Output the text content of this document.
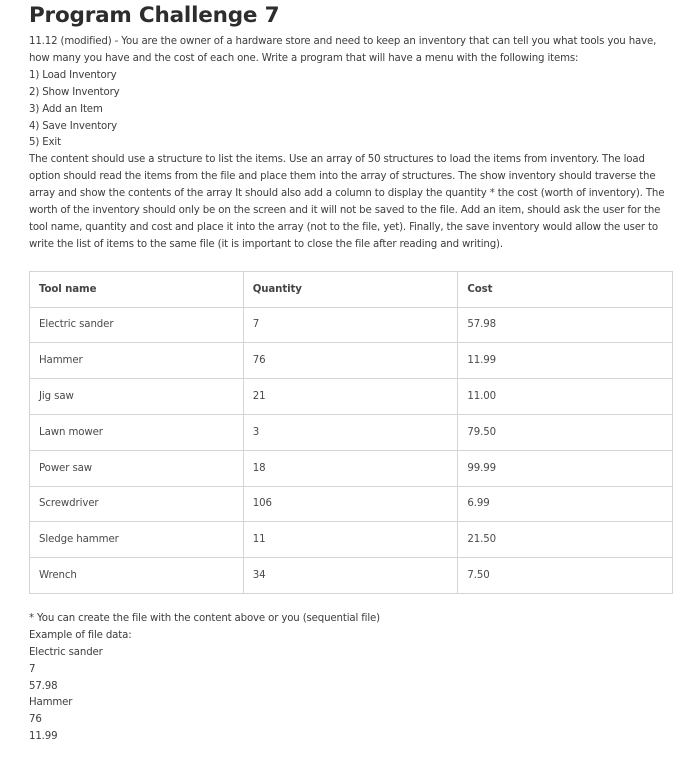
Program Challenge 7

11.12 (modified) - You are the owner of a hardware store and need to keep an inventory that can tell you what tools you have, how many you have and the cost of each one. Write a program that will have a menu with the following items:

1) Load Inventory

2) Show Inventory

3) Add an Item

4) Save Inventory

5) Exit

The content should use a structure to list the items. Use an array of 50 structures to load the items from inventory. The load option should read the items from the file and place them into the array of structures. The show inventory should traverse the array and show the contents of the array It should also add a column to display the quantity * the cost (worth of inventory). The worth of the inventory should only be on the screen and it will not be saved to the file. Add an item, should ask the user for the tool name, quantity and cost and place it into the array (not to the file, yet). Finally, the save inventory would allow the user to write the list of items to the same file (it is important to close the file after reading and writing).

Tool name	Quantity	Cost
Electric sander	7	57.98
Hammer	76	11.99
Jig saw	21	11.00
Lawn mower	3	79.50
Power saw	18	99.99
Screwdriver	106	6.99
Sledge hammer	11	21.50
Wrench	34	7.50

* You can create the file with the content above or you (sequential file)

Example of file data:

Electric sander

7

57.98

Hammer

76

11.99
